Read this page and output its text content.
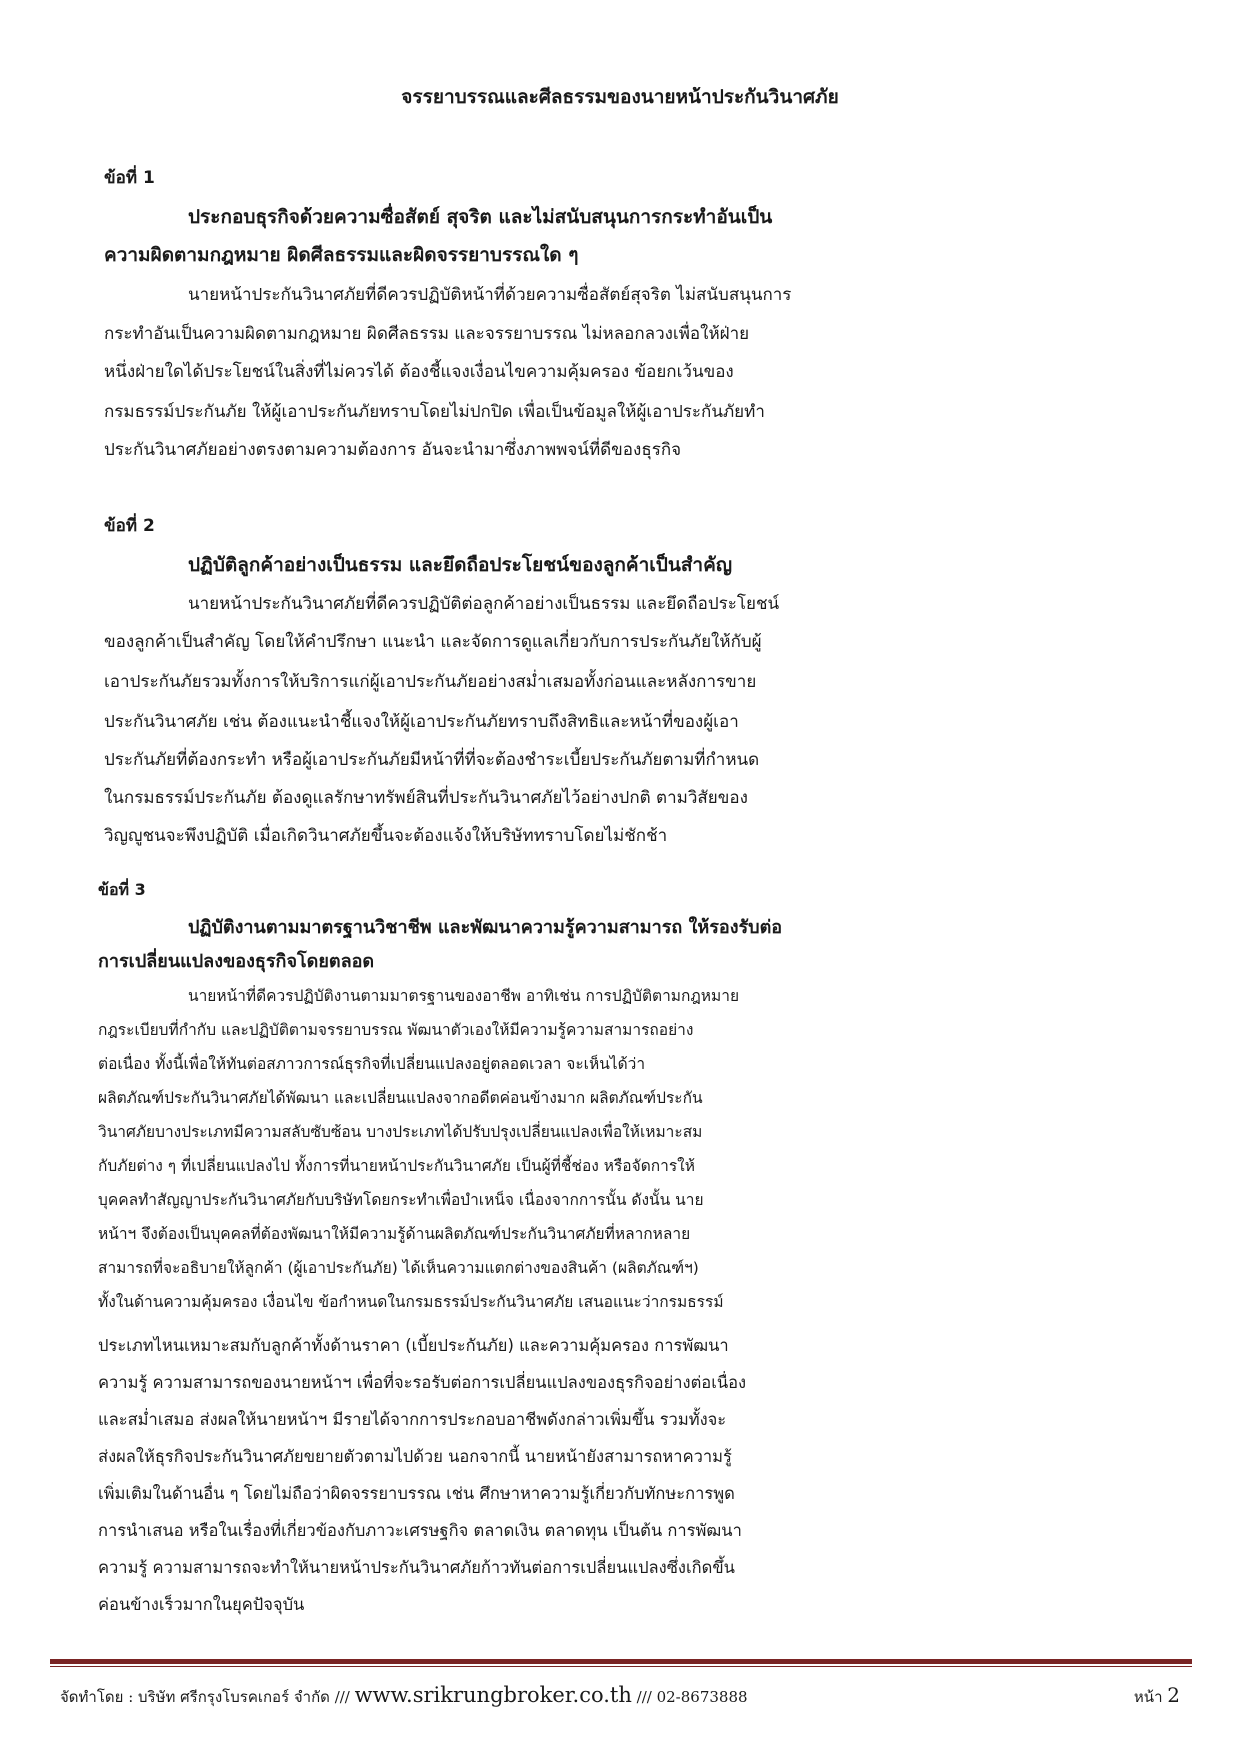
จรรยาบรรณและศีลธรรมของนายหน้าประกันวินาศภัย
ข้อที่ 1
ประกอบธุรกิจด้วยความซื่อสัตย์ สุจริต และไม่สนับสนุนการกระทำอันเป็น
ความผิดตามกฎหมาย ผิดศีลธรรมและผิดจรรยาบรรณใด ๆ
นายหน้าประกันวินาศภัยที่ดีควรปฏิบัติหน้าที่ด้วยความซื่อสัตย์สุจริต ไม่สนับสนุนการ
กระทำอันเป็นความผิดตามกฎหมาย ผิดศีลธรรม และจรรยาบรรณ ไม่หลอกลวงเพื่อให้ฝ่าย
หนึ่งฝ่ายใดได้ประโยชน์ในสิ่งที่ไม่ควรได้ ต้องชี้แจงเงื่อนไขความคุ้มครอง ข้อยกเว้นของ
กรมธรรม์ประกันภัย ให้ผู้เอาประกันภัยทราบโดยไม่ปกปิด เพื่อเป็นข้อมูลให้ผู้เอาประกันภัยทำ
ประกันวินาศภัยอย่างตรงตามความต้องการ อันจะนำมาซึ่งภาพพจน์ที่ดีของธุรกิจ
ข้อที่ 2
ปฏิบัติลูกค้าอย่างเป็นธรรม และยึดถือประโยชน์ของลูกค้าเป็นสำคัญ
นายหน้าประกันวินาศภัยที่ดีควรปฏิบัติต่อลูกค้าอย่างเป็นธรรม และยึดถือประโยชน์
ของลูกค้าเป็นสำคัญ โดยให้คำปรึกษา แนะนำ และจัดการดูแลเกี่ยวกับการประกันภัยให้กับผู้
เอาประกันภัยรวมทั้งการให้บริการแก่ผู้เอาประกันภัยอย่างสม่ำเสมอทั้งก่อนและหลังการขาย
ประกันวินาศภัย เช่น ต้องแนะนำชี้แจงให้ผู้เอาประกันภัยทราบถึงสิทธิและหน้าที่ของผู้เอา
ประกันภัยที่ต้องกระทำ หรือผู้เอาประกันภัยมีหน้าที่ที่จะต้องชำระเบี้ยประกันภัยตามที่กำหนด
ในกรมธรรม์ประกันภัย ต้องดูแลรักษาทรัพย์สินที่ประกันวินาศภัยไว้อย่างปกติ ตามวิสัยของ
วิญญูชนจะพึงปฏิบัติ เมื่อเกิดวินาศภัยขึ้นจะต้องแจ้งให้บริษัททราบโดยไม่ชักช้า
ข้อที่ 3
ปฏิบัติงานตามมาตรฐานวิชาชีพ และพัฒนาความรู้ความสามารถ ให้รองรับต่อ
การเปลี่ยนแปลงของธุรกิจโดยตลอด
นายหน้าที่ดีควรปฏิบัติงานตามมาตรฐานของอาชีพ อาทิเช่น การปฏิบัติตามกฎหมาย
กฎระเบียบที่กำกับ และปฏิบัติตามจรรยาบรรณ พัฒนาตัวเองให้มีความรู้ความสามารถอย่าง
ต่อเนื่อง ทั้งนี้เพื่อให้ทันต่อสภาวการณ์ธุรกิจที่เปลี่ยนแปลงอยู่ตลอดเวลา จะเห็นได้ว่า
ผลิตภัณฑ์ประกันวินาศภัยได้พัฒนา และเปลี่ยนแปลงจากอดีตค่อนข้างมาก ผลิตภัณฑ์ประกัน
วินาศภัยบางประเภทมีความสลับซับซ้อน บางประเภทได้ปรับปรุงเปลี่ยนแปลงเพื่อให้เหมาะสม
กับภัยต่าง ๆ ที่เปลี่ยนแปลงไป ทั้งการที่นายหน้าประกันวินาศภัย เป็นผู้ที่ชี้ช่อง หรือจัดการให้
บุคคลทำสัญญาประกันวินาศภัยกับบริษัทโดยกระทำเพื่อบำเหน็จ เนื่องจากการนั้น ดังนั้น นาย
หน้าฯ จึงต้องเป็นบุคคลที่ต้องพัฒนาให้มีความรู้ด้านผลิตภัณฑ์ประกันวินาศภัยที่หลากหลาย
สามารถที่จะอธิบายให้ลูกค้า (ผู้เอาประกันภัย) ได้เห็นความแตกต่างของสินค้า (ผลิตภัณฑ์ฯ)
ทั้งในด้านความคุ้มครอง เงื่อนไข ข้อกำหนดในกรมธรรม์ประกันวินาศภัย เสนอแนะว่ากรมธรรม์
ประเภทไหนเหมาะสมกับลูกค้าทั้งด้านราคา (เบี้ยประกันภัย) และความคุ้มครอง การพัฒนา
ความรู้ ความสามารถของนายหน้าฯ เพื่อที่จะรอรับต่อการเปลี่ยนแปลงของธุรกิจอย่างต่อเนื่อง
และสม่ำเสมอ ส่งผลให้นายหน้าฯ มีรายได้จากการประกอบอาชีพดังกล่าวเพิ่มขึ้น รวมทั้งจะ
ส่งผลให้ธุรกิจประกันวินาศภัยขยายตัวตามไปด้วย นอกจากนี้ นายหน้ายังสามารถหาความรู้
เพิ่มเติมในด้านอื่น ๆ โดยไม่ถือว่าผิดจรรยาบรรณ เช่น ศึกษาหาความรู้เกี่ยวกับทักษะการพูด
การนำเสนอ หรือในเรื่องที่เกี่ยวข้องกับภาวะเศรษฐกิจ ตลาดเงิน ตลาดทุน เป็นต้น การพัฒนา
ความรู้ ความสามารถจะทำให้นายหน้าประกันวินาศภัยก้าวทันต่อการเปลี่ยนแปลงซึ่งเกิดขึ้น
ค่อนข้างเร็วมากในยุคปัจจุบัน
จัดทำโดย : บริษัท ศรีกรุงโบรคเกอร์ จำกัด /// www.srikrungbroker.co.th /// 02-8673888	หน้า 2
